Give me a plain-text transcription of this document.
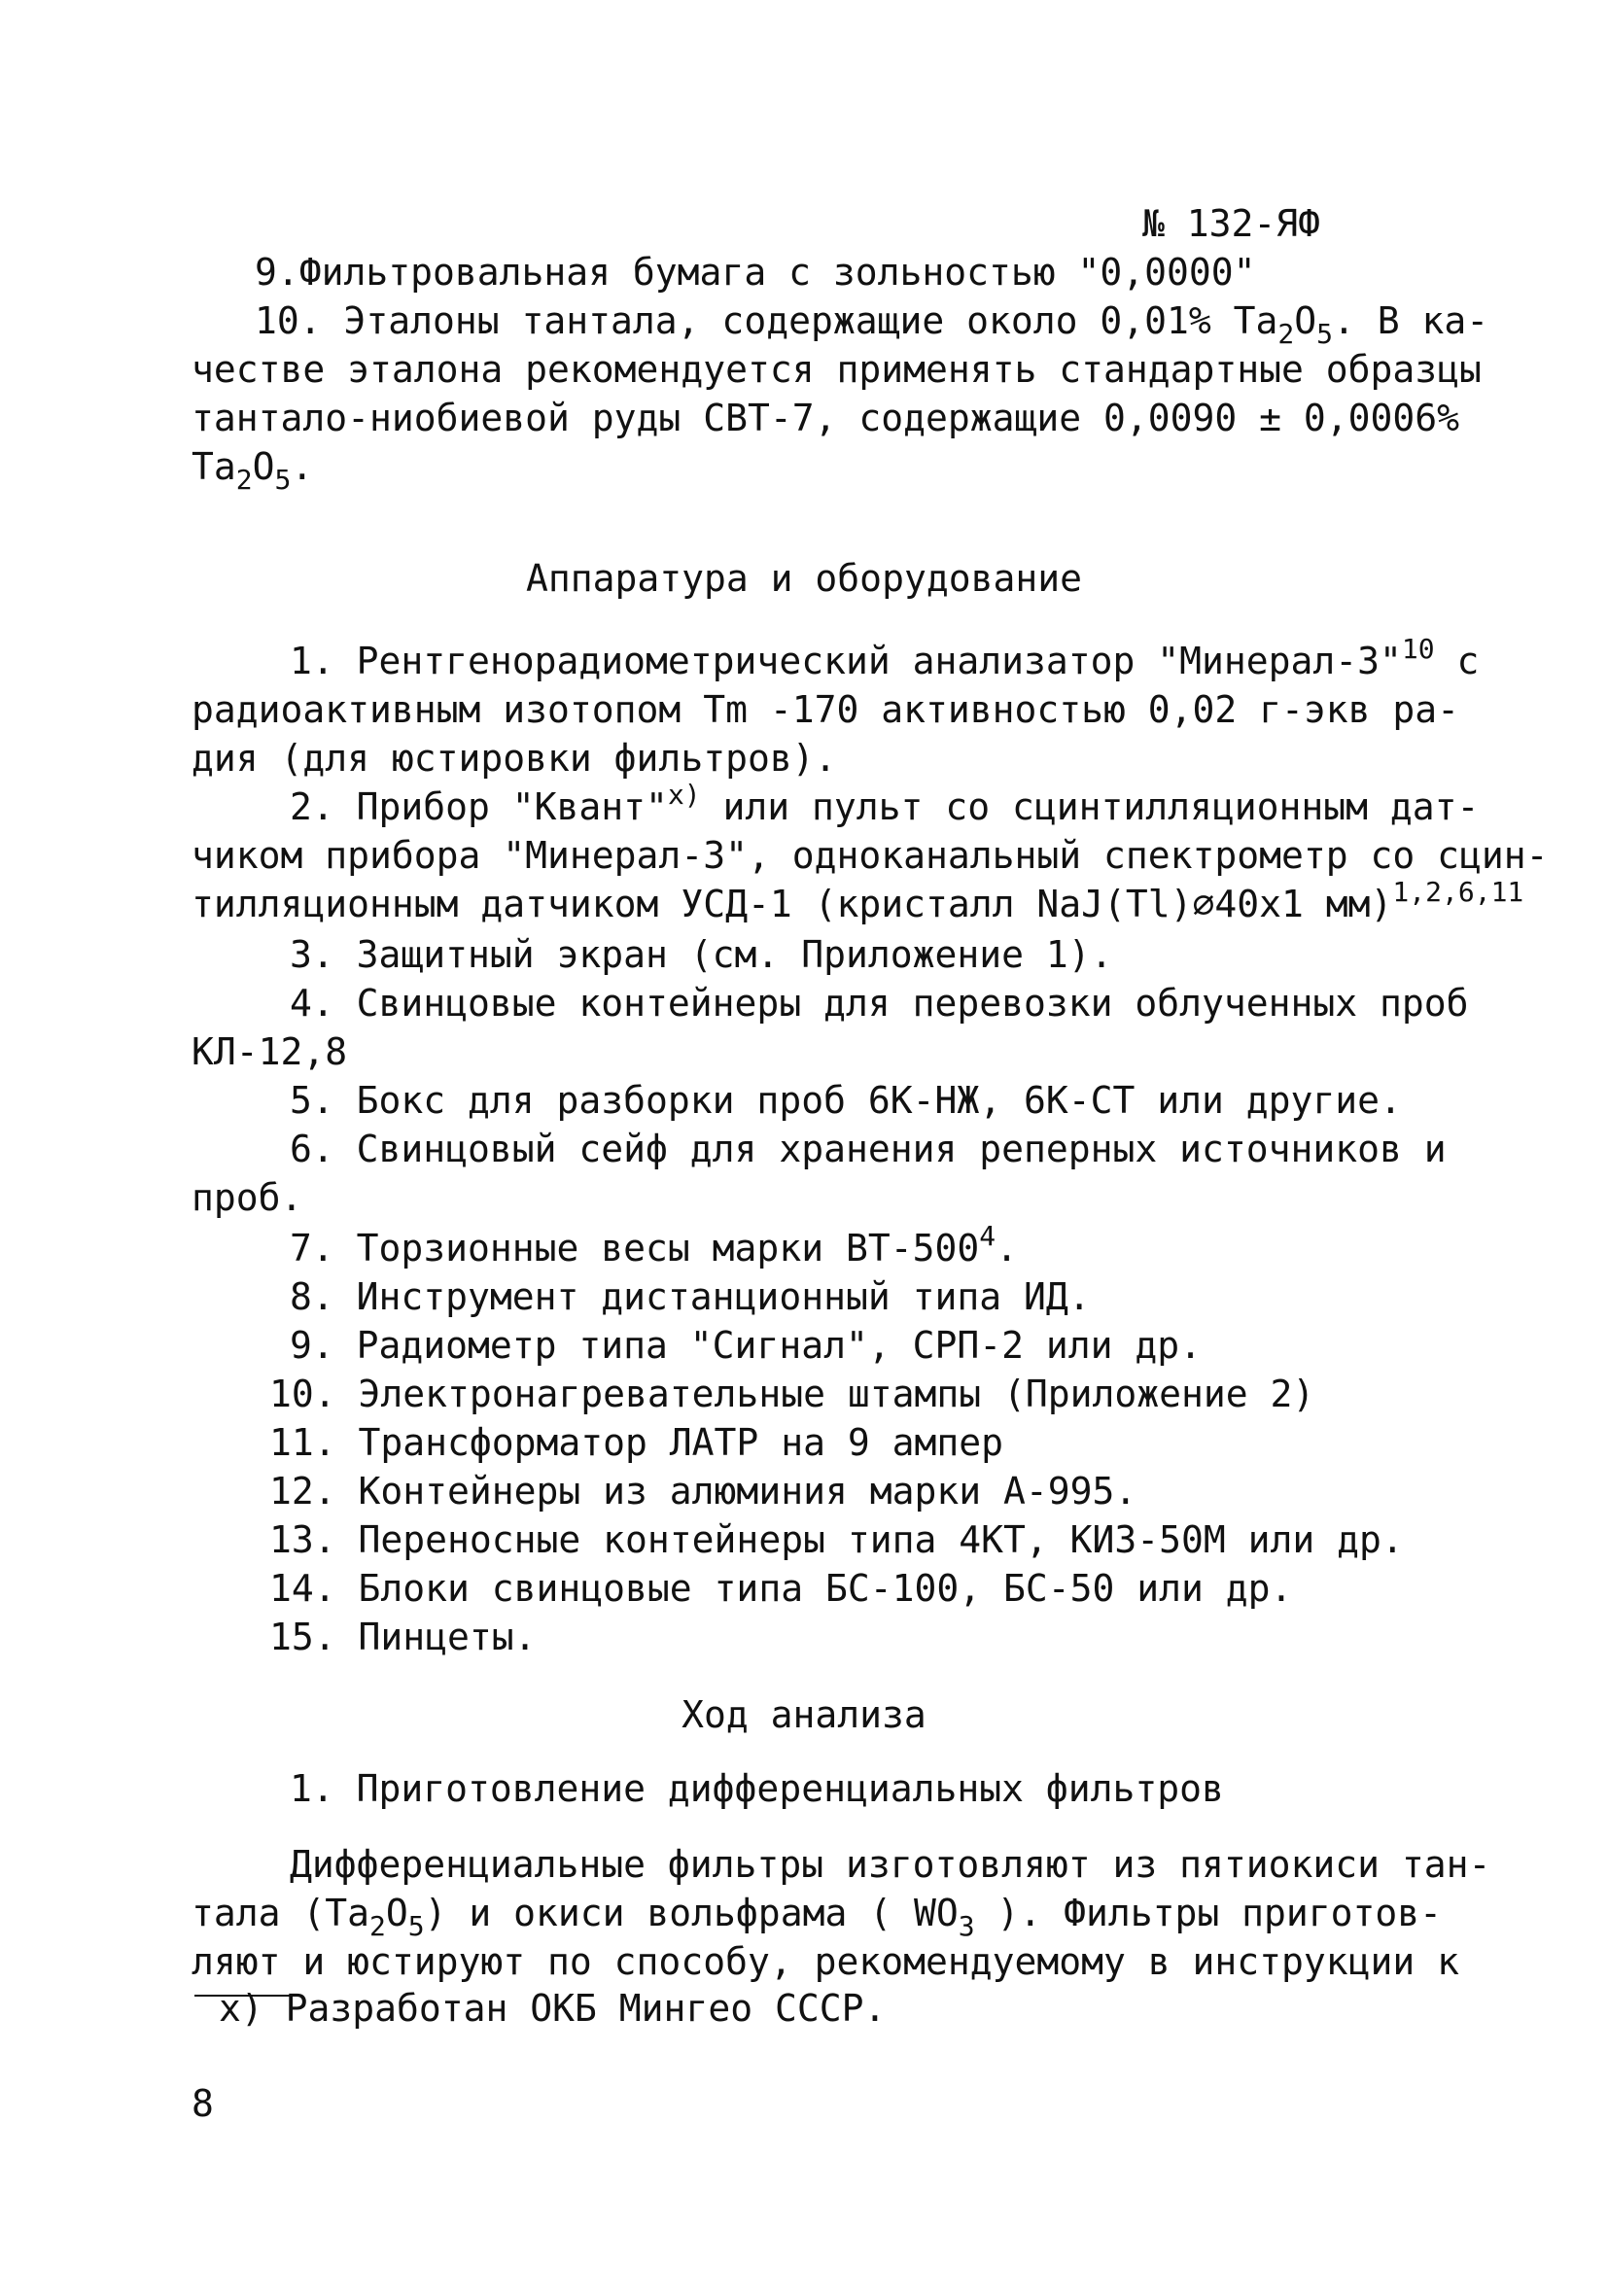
№ 132-ЯФ
9.Фильтровальная бумага с зольностью "0,0000"
10. Эталоны тантала, содержащие около 0,01% $Ta_2O_5$. В ка-
честве эталона рекомендуется применять стандартные образцы
тантало-ниобиевой руды СВТ-7, содержащие 0,0090 ± 0,0006%
$Ta_2O_5$.
Аппаратура и оборудование
1. Рентгенорадиометрический анализатор "Минерал-3"$^{10}$ с
радиоактивным изотопом Tm -170 активностью 0,02 г-экв ра-
дия (для юстировки фильтров).
2. Прибор "Квант"$^{x)}$ или пульт со сцинтилляционным дат-
чиком прибора "Минерал-3", одноканальный спектрометр со сцин-
тилляционным датчиком УСД-1 (кристалл NaJ(Tl)⌀40x1 мм)$^{1,2,6,11}$
3. Защитный экран (см. Приложение 1).
4. Свинцовые контейнеры для перевозки облученных проб
КЛ-12,8
5. Бокс для разборки проб 6К-НЖ, 6К-СТ или другие.
6. Свинцовый сейф для хранения реперных источников и
проб.
7. Торзионные весы марки $ВТ-500^4$.
8. Инструмент дистанционный типа ИД.
9. Радиометр типа "Сигнал", СРП-2 или др.
10. Электронагревательные штампы (Приложение 2)
11. Трансформатор ЛАТР на 9 ампер
12. Контейнеры из алюминия марки А-995.
13. Переносные контейнеры типа 4КТ, КИЗ-50М или др.
14. Блоки свинцовые типа БС-100, БС-50 или др.
15. Пинцеты.
Ход анализа
1. Приготовление дифференциальных фильтров
Дифференциальные фильтры изготовляют из пятиокиси тан-
тала $(Ta_2O_5)$ и окиси вольфрама ( $WO_3$ ). Фильтры приготов-
ляют и юстируют по способу, рекомендуемому в инструкции к
x) Разработан ОКБ Мингео СССР.
8
